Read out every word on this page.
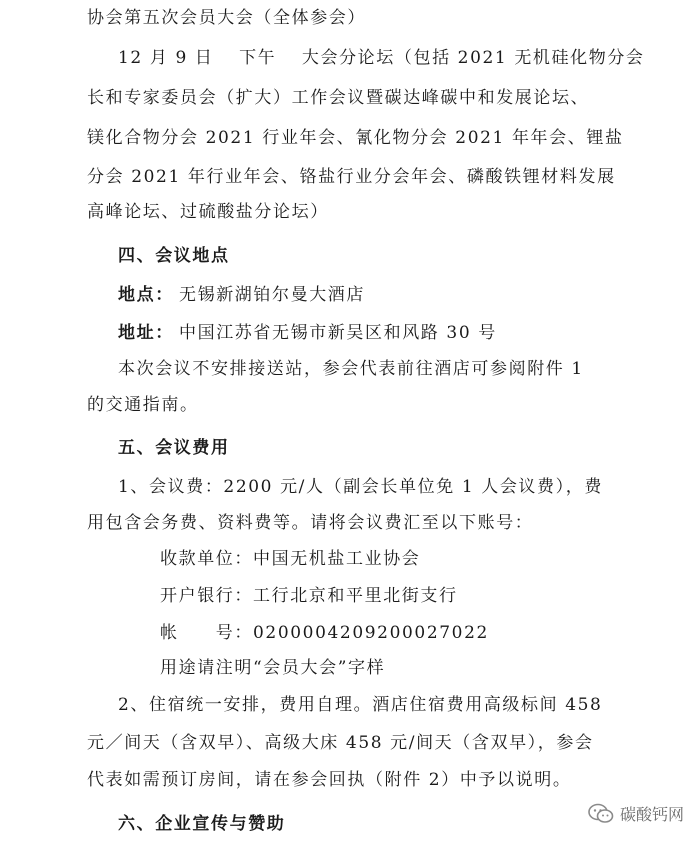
协会第五次会员大会（全体参会）
12 月 9 日　 下午　 大会分论坛（包括 2021 无机硅化物分会
长和专家委员会（扩大）工作会议暨碳达峰碳中和发展论坛、
镁化合物分会 2021 行业年会、氰化物分会 2021 年年会、锂盐
分会 2021 年行业年会、铬盐行业分会年会、磷酸铁锂材料发展
高峰论坛、过硫酸盐分论坛）
四、会议地点
地点： 无锡新湖铂尔曼大酒店
地址： 中国江苏省无锡市新吴区和风路 30 号
本次会议不安排接送站，参会代表前往酒店可参阅附件 1
的交通指南。
五、会议费用
1、会议费：2200 元/人（副会长单位免 1 人会议费），费
用包含会务费、资料费等。请将会议费汇至以下账号：
收款单位：中国无机盐工业协会
开户银行：工行北京和平里北街支行
帐　　号：0200004209200027022
用途请注明“会员大会”字样
2、住宿统一安排，费用自理。酒店住宿费用高级标间 458
元／间天（含双早）、高级大床 458 元/间天（含双早），参会
代表如需预订房间，请在参会回执（附件 2）中予以说明。
六、企业宣传与赞助	碳酸钙网
